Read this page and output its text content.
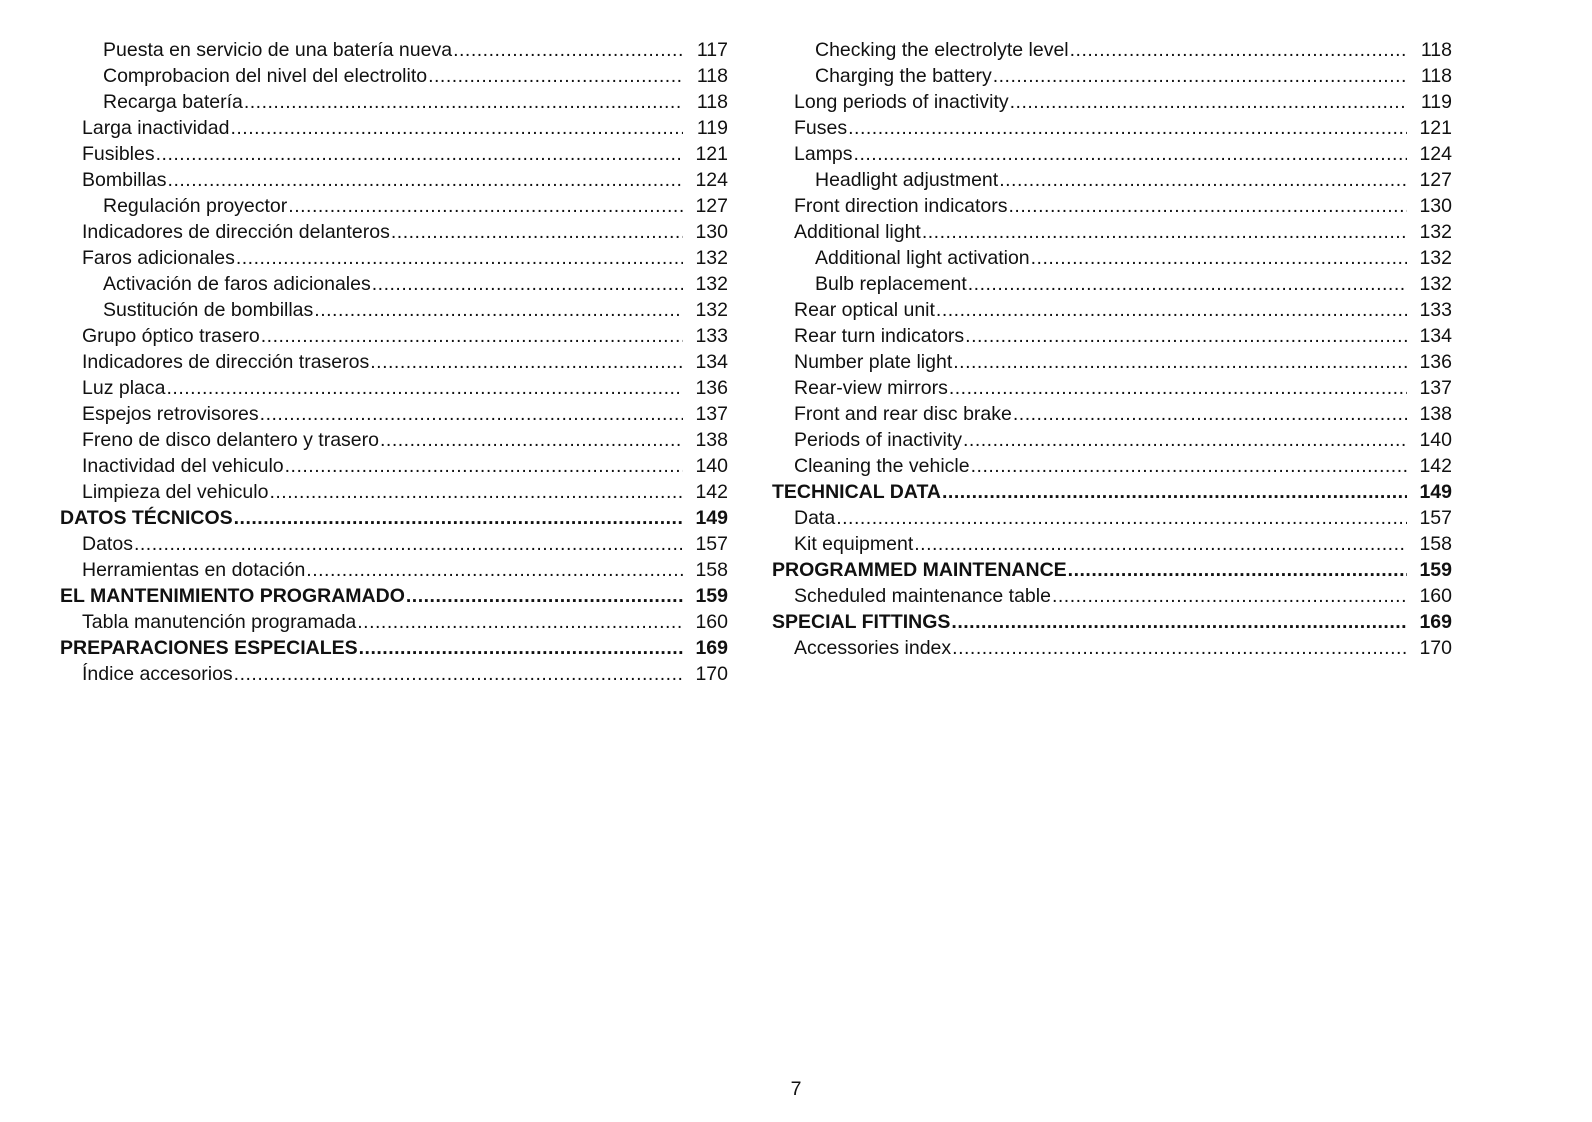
Puesta en servicio de una batería nueva .....	117
Comprobacion del nivel del electrolito .....	118
Recarga batería .....	118
Larga inactividad .....	119
Fusibles .....	121
Bombillas .....	124
Regulación proyector .....	127
Indicadores de dirección delanteros .....	130
Faros adicionales .....	132
Activación de faros adicionales .....	132
Sustitución de bombillas .....	132
Grupo óptico trasero .....	133
Indicadores de dirección traseros .....	134
Luz placa .....	136
Espejos retrovisores .....	137
Freno de disco delantero y trasero .....	138
Inactividad del vehiculo .....	140
Limpieza del vehiculo .....	142
DATOS TÉCNICOS .....	149
Datos .....	157
Herramientas en dotación .....	158
EL MANTENIMIENTO PROGRAMADO .....	159
Tabla manutención programada .....	160
PREPARACIONES ESPECIALES .....	169
Índice accesorios .....	170
Checking the electrolyte level .....	118
Charging the battery .....	118
Long periods of inactivity .....	119
Fuses .....	121
Lamps .....	124
Headlight adjustment .....	127
Front direction indicators .....	130
Additional light .....	132
Additional light activation .....	132
Bulb replacement .....	132
Rear optical unit .....	133
Rear turn indicators .....	134
Number plate light .....	136
Rear-view mirrors .....	137
Front and rear disc brake .....	138
Periods of inactivity .....	140
Cleaning the vehicle .....	142
TECHNICAL DATA .....	149
Data .....	157
Kit equipment .....	158
PROGRAMMED MAINTENANCE .....	159
Scheduled maintenance table .....	160
SPECIAL FITTINGS .....	169
Accessories index .....	170
7
